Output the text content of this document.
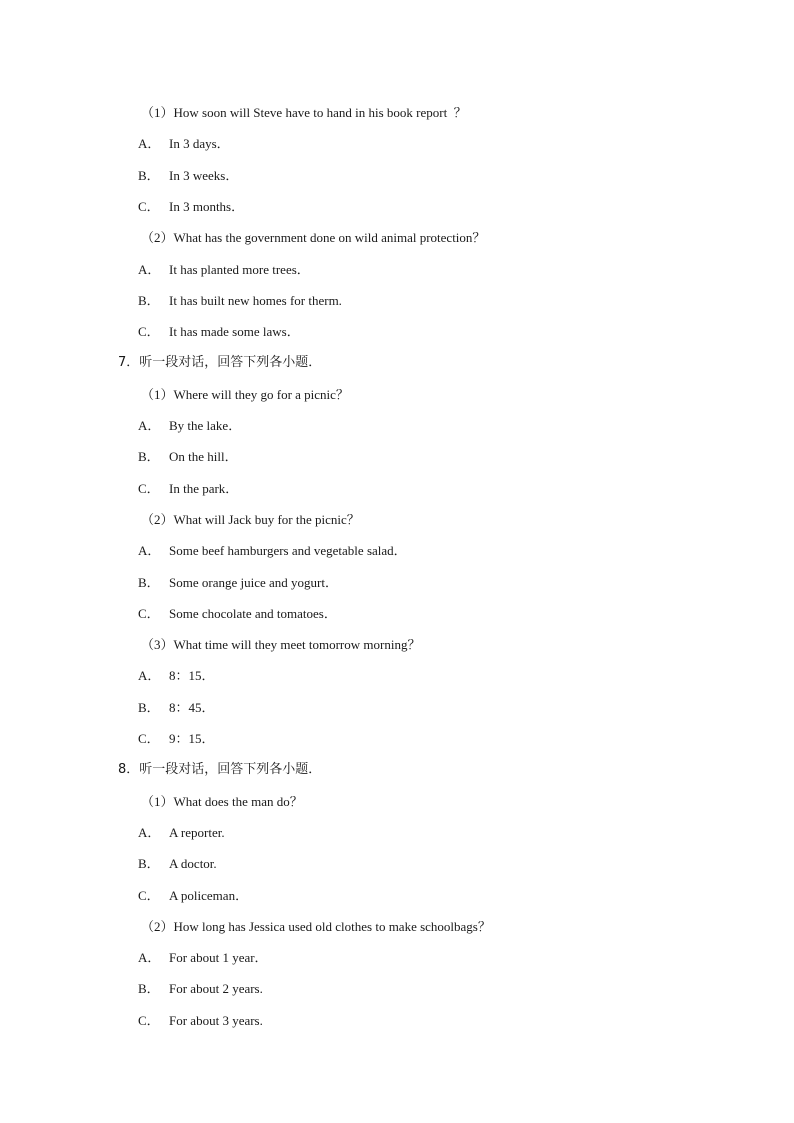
（1）How soon will Steve have to hand in his book report  ？
A． In 3 days．
B． In 3 weeks．
C． In 3 months．
（2）What has the government done on wild animal protection？
A． It has planted more trees．
B． It has built new homes for therm.
C． It has made some laws．
7．听一段对话，回答下列各小题．
（1）Where will they go for a picnic？
A． By the lake．
B． On the hill．
C． In the park．
（2）What will Jack buy for the picnic？
A． Some beef hamburgers and vegetable salad．
B． Some orange juice and yogurt．
C． Some chocolate and tomatoes．
（3）What time will they meet tomorrow morning？
A． 8：15．
B． 8：45．
C． 9：15．
8．听一段对话，回答下列各小题．
（1）What does the man do？
A． A reporter.
B． A doctor.
C． A policeman．
（2）How long has Jessica used old clothes to make schoolbags？
A． For about 1 year．
B． For about 2 years.
C． For about 3 years.
